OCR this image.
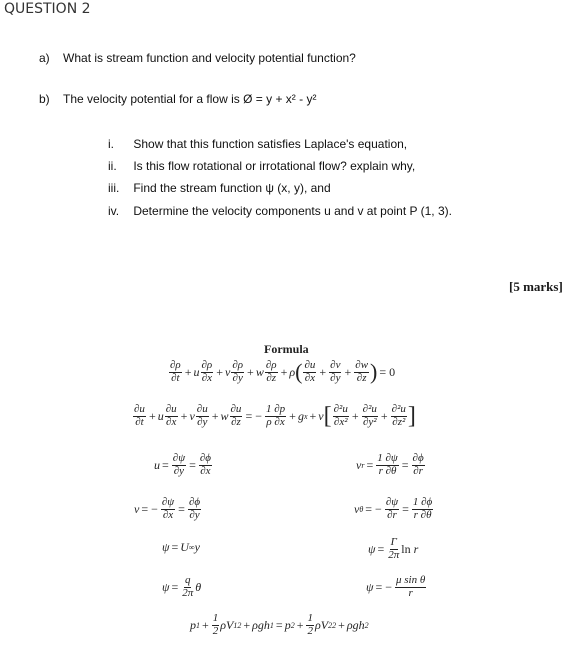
QUESTION 2
a) What is stream function and velocity potential function?
b) The velocity potential for a flow is Ø = y + x² - y²
i. Show that this function satisfies Laplace's equation,
ii. Is this flow rotational or irrotational flow? explain why,
iii. Find the stream function ψ (x, y), and
iv. Determine the velocity components u and v at point P (1, 3).
[5 marks]
Formula
$\frac{\partial\rho}{\partial t} + u \frac{\partial\rho}{\partial x} + v \frac{\partial\rho}{\partial y} + w \frac{\partial\rho}{\partial z} + \rho$ ( $\frac{\partial u}{\partial x} + \frac{\partial v}{\partial y} + \frac{\partial w}{\partial z}$ ) = 0
$\frac{\partial u}{\partial t} + u \frac{\partial u}{\partial x} + v \frac{\partial u}{\partial y} + w \frac{\partial u}{\partial z}$ = − $\frac{1 \partial p}{\rho \partial x} + g$ x + ν [ $\frac{\text{∂²u}}{\text{∂x²}} + \frac{\text{∂²u}}{\text{∂y²}} + \frac{\text{∂²u}}{\text{∂z²}}$ ]
$u = \frac{\partial\psi}{\partial y} = \frac{\partial\phi}{\partial x}$	v $r = \frac{1 \partial\psi}{r \partial\theta} = \frac{\partial\phi}{\partial r}$
v = − $\frac{\partial\psi}{\partial x} = \frac{\partial\phi}{\partial y}$	v θ = − $\frac{\partial\psi}{\partial r} = \frac{1 \partial\phi}{r \partial\theta}$
ψ = U ∞ y	$\psi = \frac{\Gamma}{2\pi}$ ln r
$\psi = \frac{q}{2\pi}$ θ	ψ = − $\frac{\text{μ sin θ}}{r}$
p $1 + \frac{1}{2}$ ρV 1 2 + ρgh 1 = p $2 + \frac{1}{2}$ ρV 2 2 + ρgh 2
